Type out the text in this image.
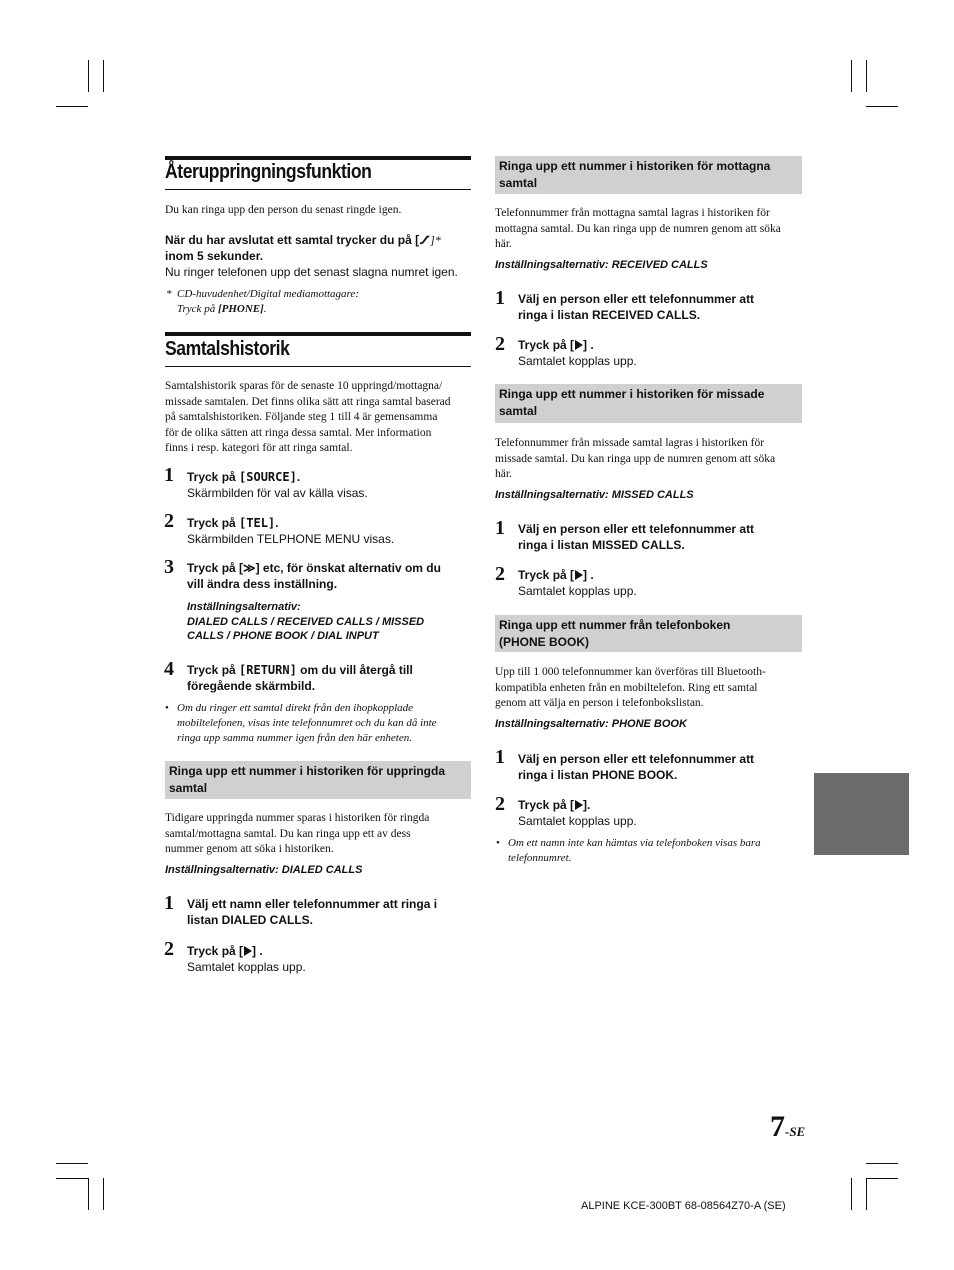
Återuppringningsfunktion
Du kan ringa upp den person du senast ringde igen.
När du har avslutat ett samtal trycker du på [ ]*
inom 5 sekunder.
Nu ringer telefonen upp det senast slagna numret igen.
* CD-huvudenhet/Digital mediamottagare:
Tryck på [PHONE].
Samtalshistorik
Samtalshistorik sparas för de senaste 10 uppringd/mottagna/
missade samtalen. Det finns olika sätt att ringa samtal baserad
på samtalshistoriken. Följande steg 1 till 4 är gemensamma
för de olika sätten att ringa dessa samtal. Mer information
finns i resp. kategori för att ringa samtal.
1 Tryck på [SOURCE].
Skärmbilden för val av källa visas.
2 Tryck på [TEL].
Skärmbilden TELPHONE MENU visas.
3 Tryck på [≫] etc, för önskat alternativ om du
vill ändra dess inställning.
Inställningsalternativ:
DIALED CALLS / RECEIVED CALLS / MISSED
CALLS / PHONE BOOK / DIAL INPUT
4 Tryck på [RETURN] om du vill återgå till
föregående skärmbild.
• Om du ringer ett samtal direkt från den ihopkopplade
mobiltelefonen, visas inte telefonnumret och du kan då inte
ringa upp samma nummer igen från den här enheten.
Ringa upp ett nummer i historiken för uppringda
samtal
Tidigare uppringda nummer sparas i historiken för ringda
samtal/mottagna samtal. Du kan ringa upp ett av dess
nummer genom att söka i historiken.
Inställningsalternativ: DIALED CALLS
1 Välj ett namn eller telefonnummer att ringa i
listan DIALED CALLS.
2 Tryck på [ ] .
Samtalet kopplas upp.
Ringa upp ett nummer i historiken för mottagna
samtal
Telefonnummer från mottagna samtal lagras i historiken för
mottagna samtal. Du kan ringa upp de numren genom att söka
här.
Inställningsalternativ: RECEIVED CALLS
1 Välj en person eller ett telefonnummer att
ringa i listan RECEIVED CALLS.
2 Tryck på [ ] .
Samtalet kopplas upp.
Ringa upp ett nummer i historiken för missade
samtal
Telefonnummer från missade samtal lagras i historiken för
missade samtal. Du kan ringa upp de numren genom att söka
här.
Inställningsalternativ: MISSED CALLS
1 Välj en person eller ett telefonnummer att
ringa i listan MISSED CALLS.
2 Tryck på [ ] .
Samtalet kopplas upp.
Ringa upp ett nummer från telefonboken
(PHONE BOOK)
Upp till 1 000 telefonnummer kan överföras till Bluetooth-
kompatibla enheten från en mobiltelefon. Ring ett samtal
genom att välja en person i telefonbokslistan.
Inställningsalternativ: PHONE BOOK
1 Välj en person eller ett telefonnummer att
ringa i listan PHONE BOOK.
2 Tryck på [ ].
Samtalet kopplas upp.
• Om ett namn inte kan hämtas via telefonboken visas bara
telefonnumret.
7-SE
ALPINE KCE-300BT 68-08564Z70-A (SE)
